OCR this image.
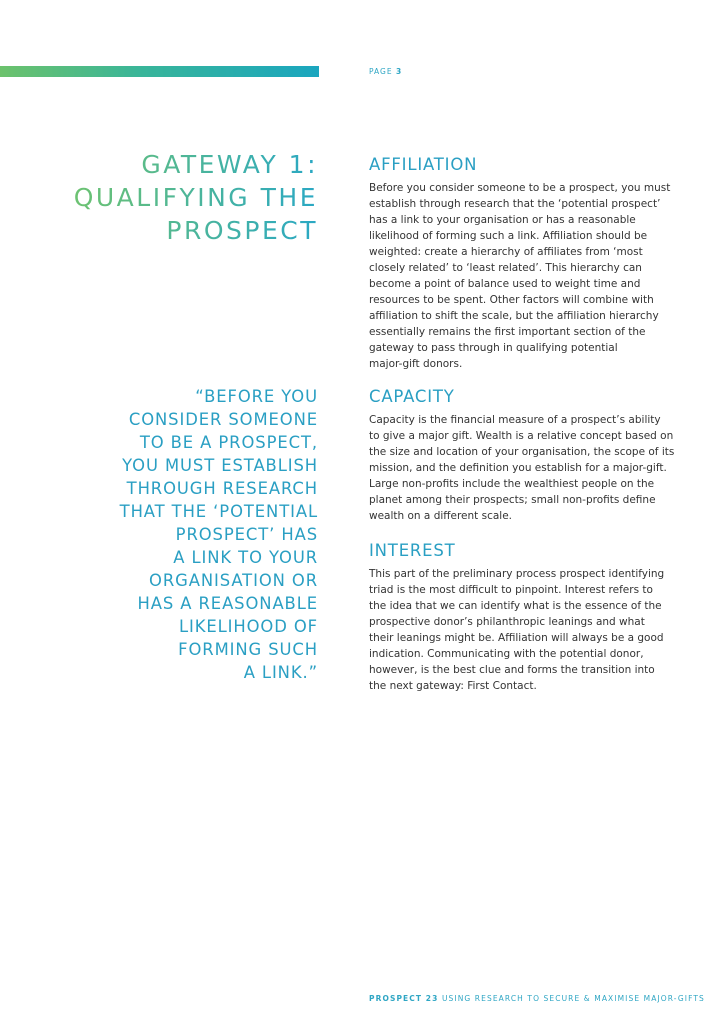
PAGE 3
GATEWAY 1:
QUALIFYING THE
PROSPECT
“BEFORE YOU
CONSIDER SOMEONE
TO BE A PROSPECT,
YOU MUST ESTABLISH
THROUGH RESEARCH
THAT THE ‘POTENTIAL
PROSPECT’ HAS
A LINK TO YOUR
ORGANISATION OR
HAS A REASONABLE
LIKELIHOOD OF
FORMING SUCH
A LINK.”
AFFILIATION
Before you consider someone to be a prospect, you must
establish through research that the ‘potential prospect’
has a link to your organisation or has a reasonable
likelihood of forming such a link. Affiliation should be
weighted: create a hierarchy of affiliates from ‘most
closely related’ to ‘least related’. This hierarchy can
become a point of balance used to weight time and
resources to be spent. Other factors will combine with
affiliation to shift the scale, but the affiliation hierarchy
essentially remains the first important section of the
gateway to pass through in qualifying potential
major-gift donors.
CAPACITY
Capacity is the financial measure of a prospect’s ability
to give a major gift. Wealth is a relative concept based on
the size and location of your organisation, the scope of its
mission, and the definition you establish for a major-gift.
Large non-profits include the wealthiest people on the
planet among their prospects; small non-profits define
wealth on a different scale.
INTEREST
This part of the preliminary process prospect identifying
triad is the most difficult to pinpoint. Interest refers to
the idea that we can identify what is the essence of the
prospective donor’s philanthropic leanings and what
their leanings might be. Affiliation will always be a good
indication. Communicating with the potential donor,
however, is the best clue and forms the transition into
the next gateway: First Contact.
PROSPECT 23 USING RESEARCH TO SECURE & MAXIMISE MAJOR-GIFTS
